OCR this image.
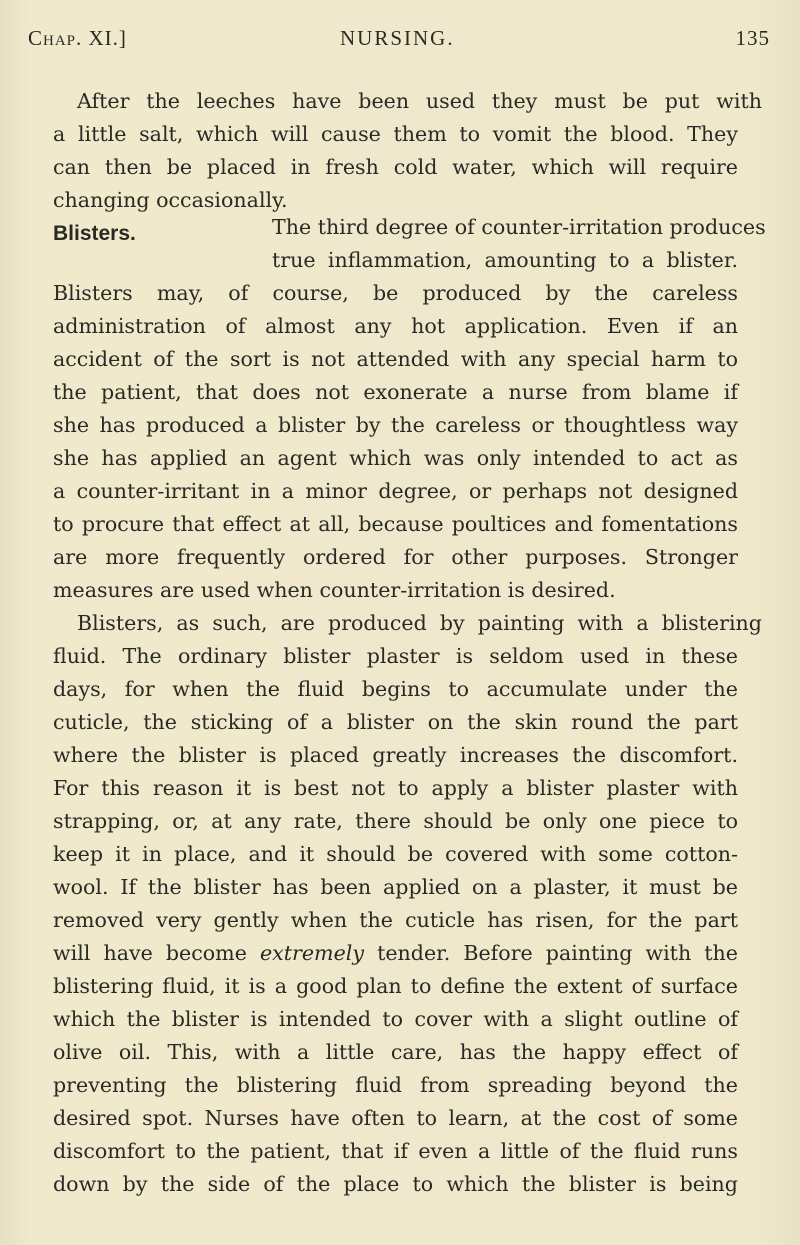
Chap. XI.]	NURSING.	135
After the leeches have been used they must be put with
a little salt, which will cause them to vomit the blood. They
can then be placed in fresh cold water, which will require
changing occasionally.
Blisters.	The third degree of counter-irritation produces
true inflammation, amounting to a blister.
Blisters may, of course, be produced by the careless
administration of almost any hot application. Even if an
accident of the sort is not attended with any special harm to
the patient, that does not exonerate a nurse from blame if
she has produced a blister by the careless or thoughtless way
she has applied an agent which was only intended to act as
a counter-irritant in a minor degree, or perhaps not designed
to procure that effect at all, because poultices and fomentations
are more frequently ordered for other purposes. Stronger
measures are used when counter-irritation is desired.
Blisters, as such, are produced by painting with a blistering
fluid. The ordinary blister plaster is seldom used in these
days, for when the fluid begins to accumulate under the
cuticle, the sticking of a blister on the skin round the part
where the blister is placed greatly increases the discomfort.
For this reason it is best not to apply a blister plaster with
strapping, or, at any rate, there should be only one piece to
keep it in place, and it should be covered with some cotton-
wool. If the blister has been applied on a plaster, it must be
removed very gently when the cuticle has risen, for the part
will have become extremely tender. Before painting with the
blistering fluid, it is a good plan to define the extent of surface
which the blister is intended to cover with a slight outline of
olive oil. This, with a little care, has the happy effect of
preventing the blistering fluid from spreading beyond the
desired spot. Nurses have often to learn, at the cost of some
discomfort to the patient, that if even a little of the fluid runs
down by the side of the place to which the blister is being
